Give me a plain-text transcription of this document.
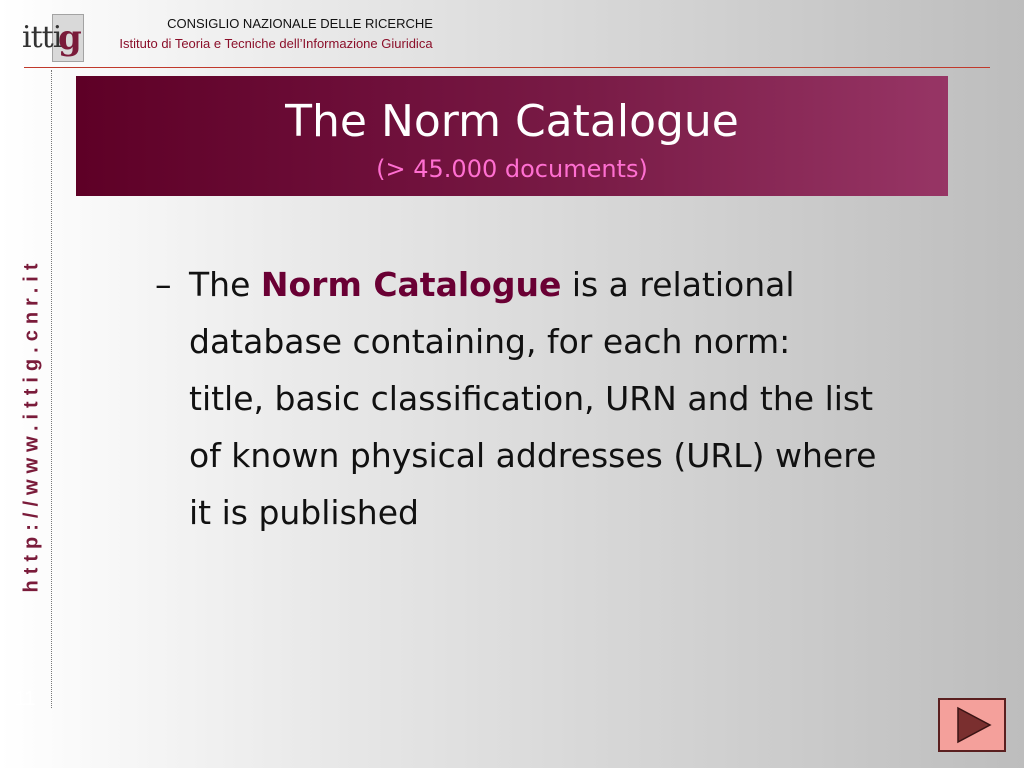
itti
g	CONSIGLIO NAZIONALE DELLE RICERCHE
Istituto di Teoria e Tecniche dell’Informazione Giuridica
http://www.ittig.cnr.it
11
The Norm Catalogue
(> 45.000 documents)
– The Norm Catalogue is a relational
database containing, for each norm:
title, basic classification, URN and the list
of known physical addresses (URL) where
it is published
